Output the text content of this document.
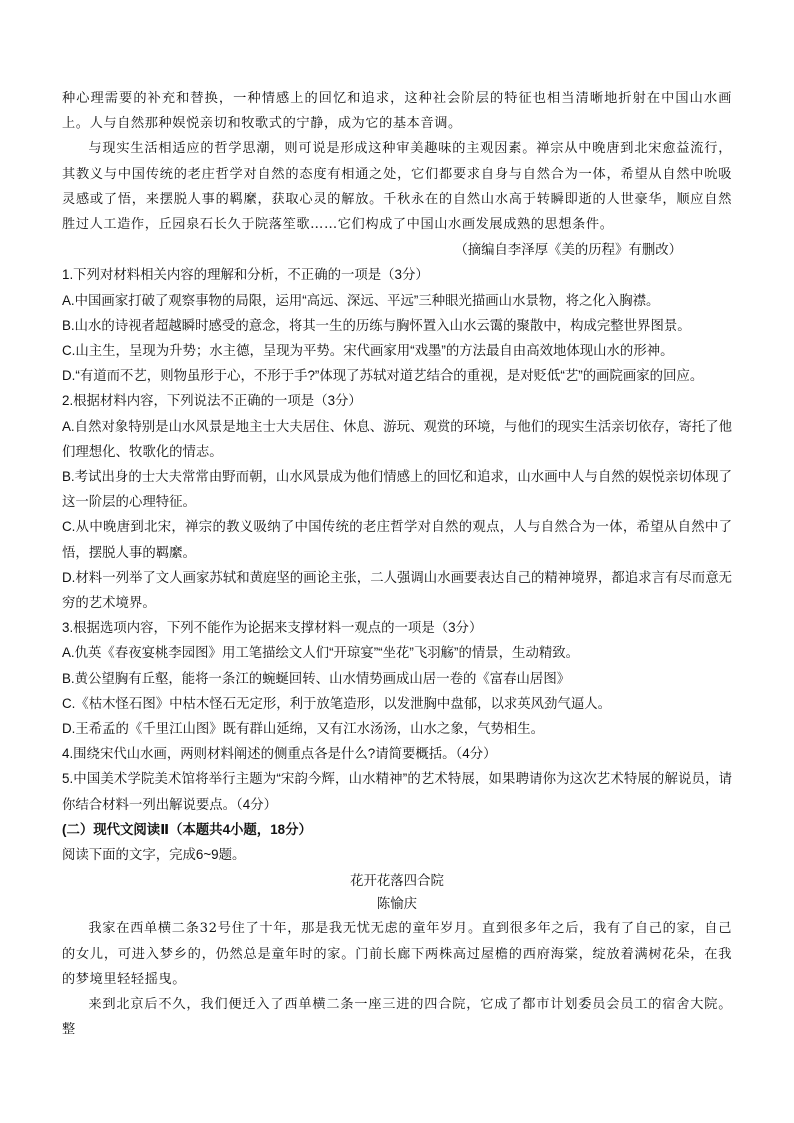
种心理需要的补充和替换，一种情感上的回忆和追求，这种社会阶层的特征也相当清晰地折射在中国山水画上。人与自然那种娱悦亲切和牧歌式的宁静，成为它的基本音调。

与现实生活相适应的哲学思潮，则可说是形成这种审美趣味的主观因素。禅宗从中晚唐到北宋愈益流行，其教义与中国传统的老庄哲学对自然的态度有相通之处，它们都要求自身与自然合为一体，希望从自然中吮吸灵感或了悟，来摆脱人事的羁縻，获取心灵的解放。千秋永在的自然山水高于转瞬即逝的人世豪华，顺应自然胜过人工造作，丘园泉石长久于院落笙歌……它们构成了中国山水画发展成熟的思想条件。

（摘编自李泽厚《美的历程》有删改）

1.下列对材料相关内容的理解和分析，不正确的一项是（3分）

A.中国画家打破了观察事物的局限，运用“高远、深远、平远”三种眼光描画山水景物，将之化入胸襟。

B.山水的诗视者超越瞬时感受的意念，将其一生的历练与胸怀置入山水云霭的聚散中，构成完整世界图景。

C.山主生，呈现为升势；水主德，呈现为平势。宋代画家用“戏墨”的方法最自由高效地体现山水的形神。

D.“有道而不艺，则物虽形于心，不形于手?”体现了苏轼对道艺结合的重视，是对贬低“艺”的画院画家的回应。

2.根据材料内容，下列说法不正确的一项是（3分）

A.自然对象特别是山水风景是地主士大夫居住、休息、游玩、观赏的环境，与他们的现实生活亲切依存，寄托了他们理想化、牧歌化的情志。

B.考试出身的士大夫常常由野而朝，山水风景成为他们情感上的回忆和追求，山水画中人与自然的娱悦亲切体现了这一阶层的心理特征。

C.从中晚唐到北宋，禅宗的教义吸纳了中国传统的老庄哲学对自然的观点，人与自然合为一体，希望从自然中了悟，摆脱人事的羁縻。

D.材料一列举了文人画家苏轼和黄庭坚的画论主张，二人强调山水画要表达自己的精神境界，都追求言有尽而意无穷的艺术境界。

3.根据选项内容，下列不能作为论据来支撑材料一观点的一项是（3分）

A.仇英《春夜宴桃李园图》用工笔描绘文人们“开琼宴”“坐花”飞羽觞”的情景，生动精致。

B.黄公望胸有丘壑，能将一条江的蜿蜒回转、山水情势画成山居一卷的《富春山居图》

C.《枯木怪石图》中枯木怪石无定形，利于放笔造形，以发泄胸中盘郁，以求英风劲气逼人。

D.王希孟的《千里江山图》既有群山延绵，又有江水汤汤，山水之象，气势相生。

4.围绕宋代山水画，两则材料阐述的侧重点各是什么?请简要概括。（4分）

5.中国美术学院美术馆将举行主题为“宋韵今辉，山水精神”的艺术特展，如果聘请你为这次艺术特展的解说员，请你结合材料一列出解说要点。（4分）

(二）现代文阅读Ⅱ（本题共4小题，18分）

阅读下面的文字，完成6~9题。

花开花落四合院

陈愉庆

我家在西单横二条32号住了十年，那是我无忧无虑的童年岁月。直到很多年之后，我有了自己的家，自己的女儿，可进入梦乡的，仍然总是童年时的家。门前长廊下两株高过屋檐的西府海棠，绽放着满树花朵，在我的梦境里轻轻摇曳。

来到北京后不久，我们便迁入了西单横二条一座三进的四合院，它成了都市计划委员会员工的宿舍大院。整
